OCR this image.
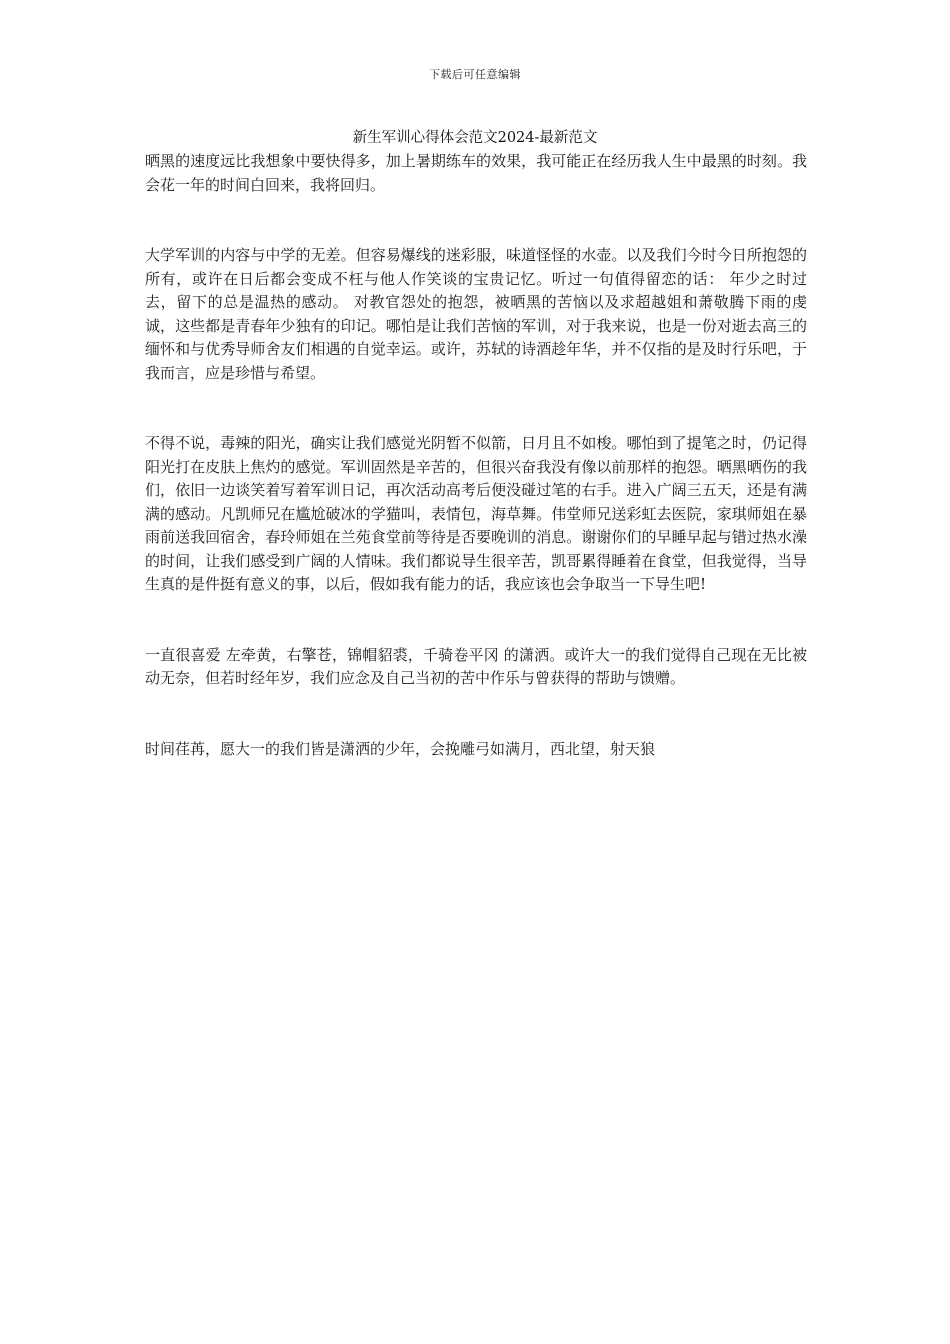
下载后可任意编辑
新生军训心得体会范文2024-最新范文

晒黑的速度远比我想象中要快得多，加上暑期练车的效果，我可能正在经历我人生中最黑的时刻。我会花一年的时间白回来，我将回归。

大学军训的内容与中学的无差。但容易爆线的迷彩服，味道怪怪的水壶。以及我们今时今日所抱怨的所有，或许在日后都会变成不枉与他人作笑谈的宝贵记忆。听过一句值得留恋的话： 年少之时过去，留下的总是温热的感动。 对教官怨处的抱怨，被晒黑的苦恼以及求超越姐和萧敬腾下雨的虔诚，这些都是青春年少独有的印记。哪怕是让我们苦恼的军训，对于我来说，也是一份对逝去高三的缅怀和与优秀导师舍友们相遇的自觉幸运。或许，苏轼的诗酒趁年华，并不仅指的是及时行乐吧，于我而言，应是珍惜与希望。

不得不说，毒辣的阳光，确实让我们感觉光阴暂不似箭，日月且不如梭。哪怕到了提笔之时，仍记得阳光打在皮肤上焦灼的感觉。军训固然是辛苦的，但很兴奋我没有像以前那样的抱怨。晒黑晒伤的我们，依旧一边谈笑着写着军训日记，再次活动高考后便没碰过笔的右手。进入广阔三五天，还是有满满的感动。凡凯师兄在尴尬破冰的学猫叫，表情包，海草舞。伟堂师兄送彩虹去医院，家琪师姐在暴雨前送我回宿舍，春玲师姐在兰苑食堂前等待是否要晚训的消息。谢谢你们的早睡早起与错过热水澡的时间，让我们感受到广阔的人情味。我们都说导生很辛苦，凯哥累得睡着在食堂，但我觉得，当导生真的是件挺有意义的事，以后，假如我有能力的话，我应该也会争取当一下导生吧!

一直很喜爱 左牵黄，右擎苍，锦帽貂裘，千骑卷平冈 的潇洒。或许大一的我们觉得自己现在无比被动无奈，但若时经年岁，我们应念及自己当初的苦中作乐与曾获得的帮助与馈赠。

时间荏苒，愿大一的我们皆是潇洒的少年，会挽雕弓如满月，西北望，射天狼
